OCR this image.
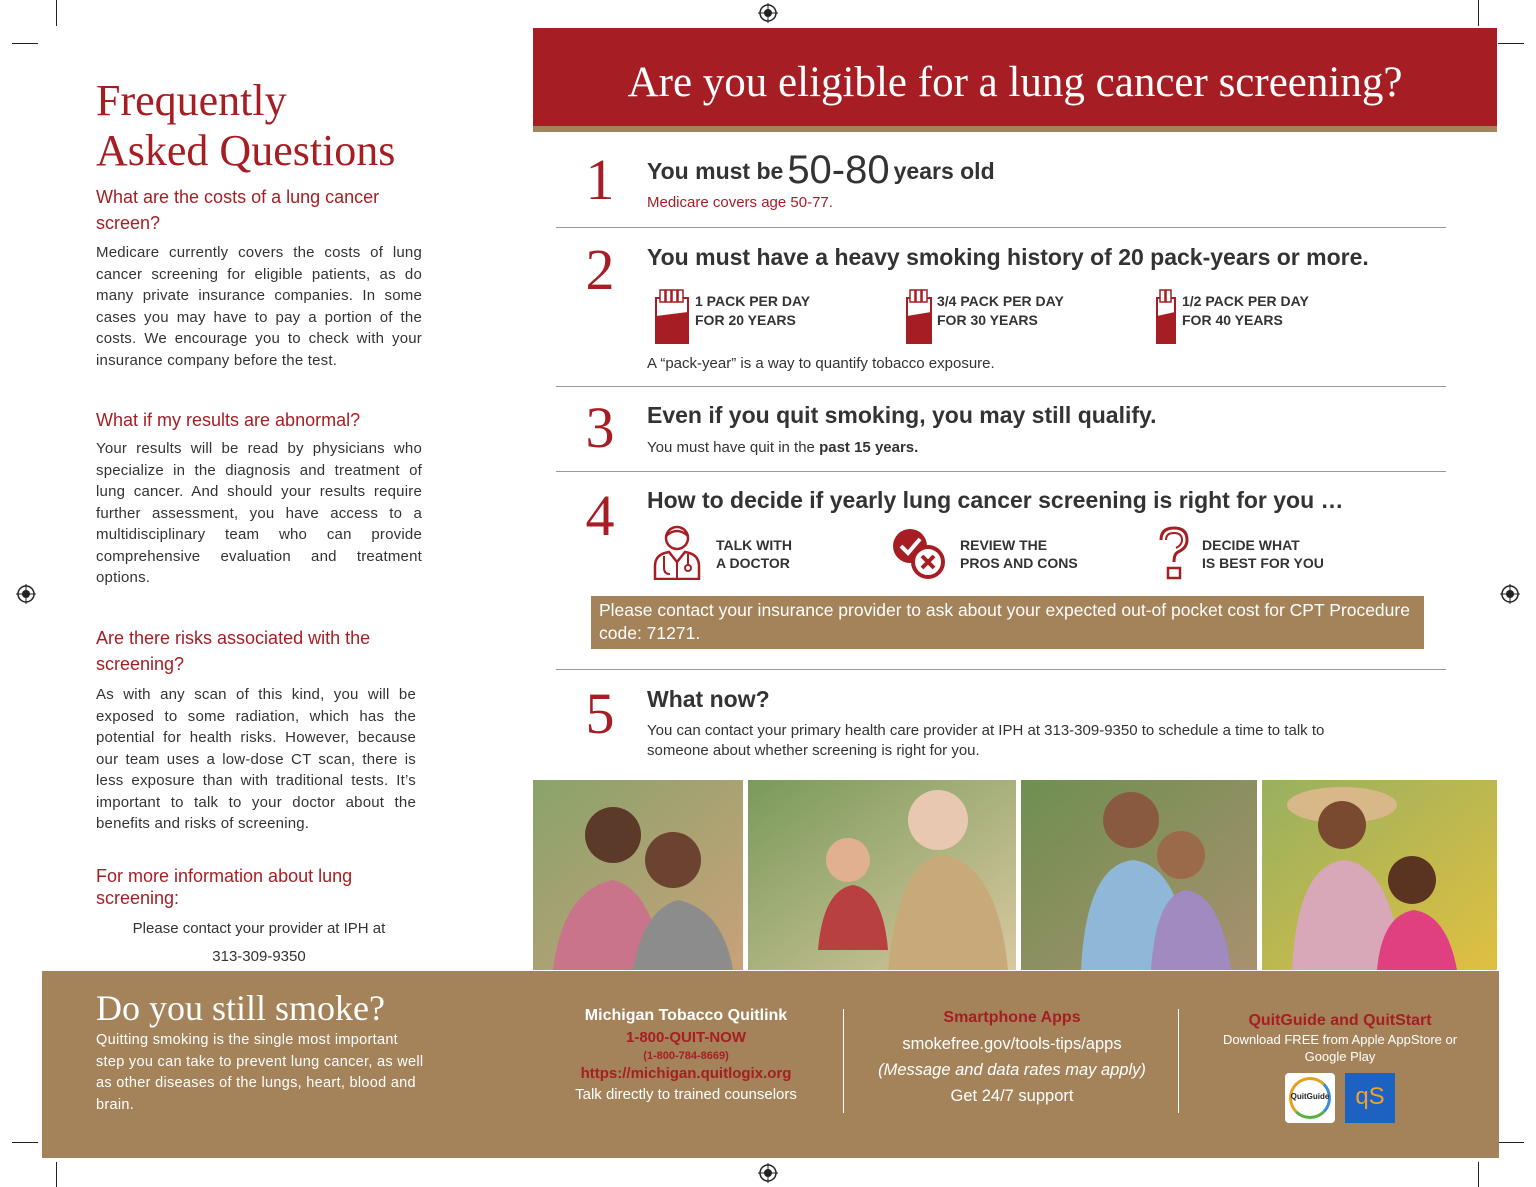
Frequently
Asked Questions
What are the costs of a lung cancer screen?
Medicare currently covers the costs of lung cancer screening for eligible patients, as do many private insurance companies. In some cases you may have to pay a portion of the costs. We encourage you to check with your insurance company before the test.
What if my results are abnormal?
Your results will be read by physicians who specialize in the diagnosis and treatment of lung cancer. And should your results require further assessment, you have access to a multidisciplinary team who can provide comprehensive evaluation and treatment options.
Are there risks associated with the screening?
As with any scan of this kind, you will be exposed to some radiation, which has the potential for health risks. However, because our team uses a low-dose CT scan, there is less exposure than with traditional tests. It’s important to talk to your doctor about the benefits and risks of screening.
For more information about lung screening:
Please contact your provider at IPH at
313-309-9350
Are you eligible for a lung cancer screening?
1 You must be 50-80 years old
Medicare covers age 50-77.
2 You must have a heavy smoking history of 20 pack-years or more.
1 PACK PER DAY
FOR 20 YEARS
3/4 PACK PER DAY
FOR 30 YEARS
1/2 PACK PER DAY
FOR 40 YEARS
A “pack-year” is a way to quantify tobacco exposure.
3 Even if you quit smoking, you may still qualify.
You must have quit in the past 15 years.
4 How to decide if yearly lung cancer screening is right for you …
TALK WITH
A DOCTOR
REVIEW THE
PROS AND CONS
DECIDE WHAT
IS BEST FOR YOU
Please contact your insurance provider to ask about your expected out-of pocket cost for CPT Procedure code: 71271.
5 What now?
You can contact your primary health care provider at IPH at 313-309-9350 to schedule a time to talk to
someone about whether screening is right for you.
Do you still smoke?
Quitting smoking is the single most important step you can take to prevent lung cancer, as well as other diseases of the lungs, heart, blood and brain.
Michigan Tobacco Quitlink
1-800-QUIT-NOW
(1-800-784-8669)
https://michigan.quitlogix.org
Talk directly to trained counselors
Smartphone Apps
smokefree.gov/tools-tips/apps
(Message and data rates may apply)
Get 24/7 support
QuitGuide and QuitStart
Download FREE from Apple AppStore or
Google Play
QuitGuide	qS
